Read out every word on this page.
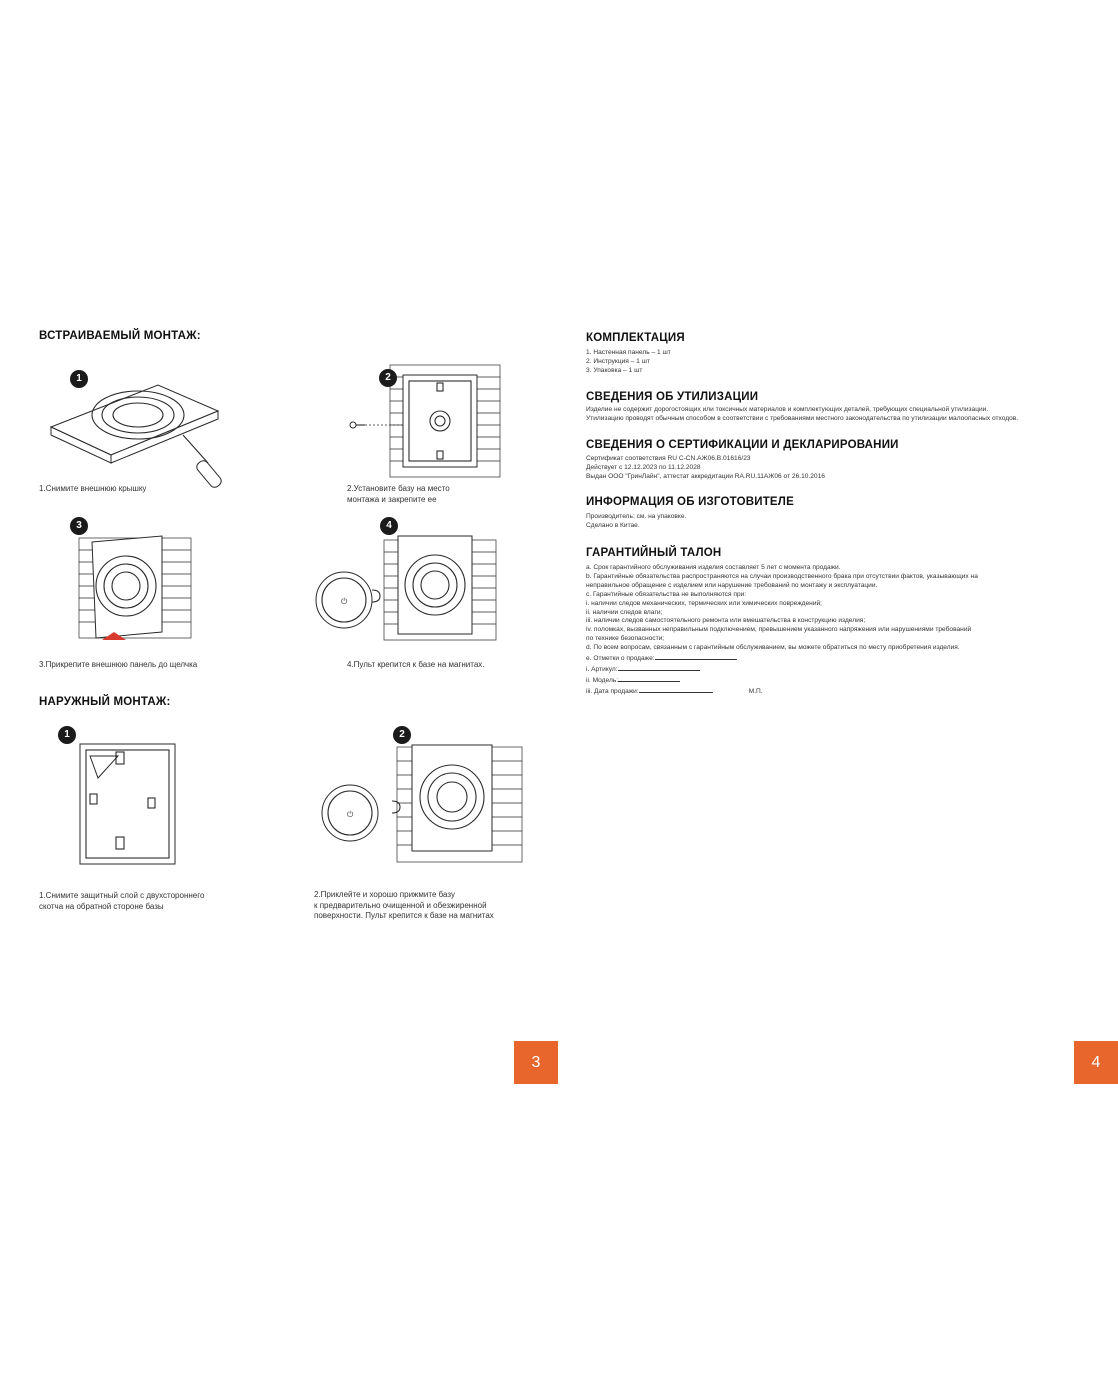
ВСТРАИВАЕМЫЙ МОНТАЖ:
1
1.Снимите внешнюю крышку
2
2.Установите базу на место
монтажа и закрепите ее
3
3.Прикрепите внешнюю панель до щелчка
⏻
4
4.Пульт крепится к базе на магнитах.
НАРУЖНЫЙ МОНТАЖ:
1
1.Снимите защитный слой с двухстороннего
скотча на обратной стороне базы
⏻
2
2.Приклейте и хорошо прижмите базу
к предварительно очищенной и обезжиренной
поверхности. Пульт крепится к базе на магнитах
3
КОМПЛЕКТАЦИЯ
1. Настенная панель – 1 шт
2. Инструкция – 1 шт
3. Упаковка – 1 шт
СВЕДЕНИЯ ОБ УТИЛИЗАЦИИ
Изделие не содержит дорогостоящих или токсичных материалов и комплектующих деталей, требующих специальной утилизации.
Утилизацию проводят обычным способом в соответствии с требованиями местного законодательства по утилизации малоопасных отходов.
СВЕДЕНИЯ О СЕРТИФИКАЦИИ И ДЕКЛАРИРОВАНИИ
Сертификат соответствия RU C-CN.АЖ06.В.01616/23
Действует с 12.12.2023 по 11.12.2028
Выдан ООО "ГринЛайн", аттестат аккредитации RA.RU.11АЖ06 от 26.10.2016
ИНФОРМАЦИЯ ОБ ИЗГОТОВИТЕЛЕ
Производитель: см. на упаковке.
Сделано в Китае.
ГАРАНТИЙНЫЙ ТАЛОН
a. Срок гарантийного обслуживания изделия составляет 5 лет с момента продажи.
b. Гарантийные обязательства распространяются на случаи производственного брака при отсутствии фактов, указывающих на
неправильное обращение с изделием или нарушение требований по монтажу и эксплуатации.
c. Гарантийные обязательства не выполняются при:
i. наличии следов механических, термических или химических повреждений;
ii. наличии следов влаги;
iii. наличии следов самостоятельного ремонта или вмешательства в конструкцию изделия;
iv. поломках, вызванных неправильным подключением, превышением указанного напряжения или нарушениями требований
по технике безопасности;
d. По всем вопросам, связанным с гарантийным обслуживанием, вы можете обратиться по месту приобретения изделия.
e. Отметки о продаже:
i. Артикул:
ii. Модель:
iii. Дата продажи:	М.П.
4
